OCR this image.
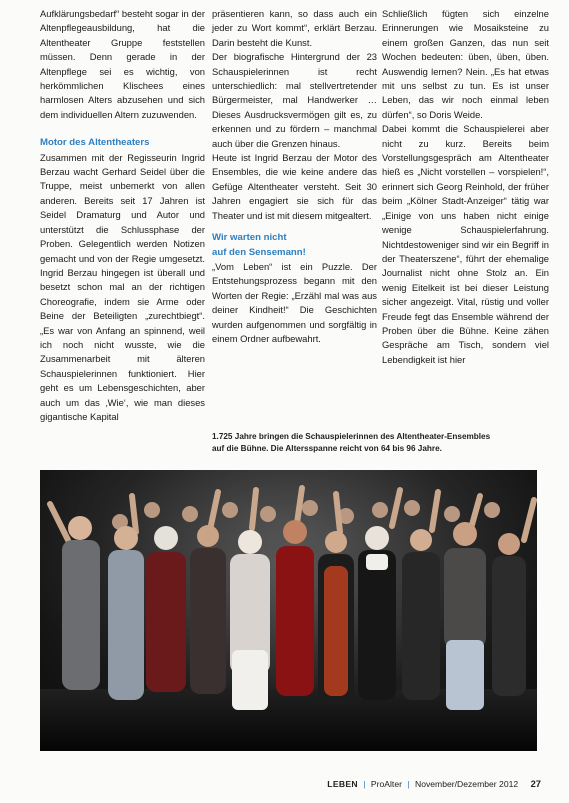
Aufklärungsbedarf“ besteht sogar in der Altenpflegeausbildung, hat die Altentheater Gruppe feststellen müssen. Denn gerade in der Altenpflege sei es wichtig, von herkömmlichen Klischees eines harmlosen Alters abzusehen und sich dem individuellen Altern zuzuwenden.

Motor des Altentheaters

Zusammen mit der Regisseurin Ingrid Berzau wacht Gerhard Seidel über die Truppe, meist unbemerkt von allen anderen. Bereits seit 17 Jahren ist Seidel Dramaturg und Autor und unterstützt die Schlussphase der Proben. Gelegentlich werden Notizen gemacht und von der Regie umgesetzt. Ingrid Berzau hingegen ist überall und besetzt schon mal an der richtigen Choreografie, indem sie Arme oder Beine der Beteiligten „zurechtbiegt“. „Es war von Anfang an spinnend, weil ich noch nicht wusste, wie die Zusammenarbeit mit älteren Schauspielerinnen funktioniert. Hier geht es um Lebensgeschichten, aber auch um das ‚Wie‘, wie man dieses gigantische Kapital

präsentieren kann, so dass auch ein jeder zu Wort kommt“, erklärt Berzau. Darin besteht die Kunst.

Der biografische Hintergrund der 23 Schauspielerinnen ist recht unterschiedlich: mal stellvertretender Bürgermeister, mal Handwerker … Dieses Ausdrucksvermögen gilt es, zu erkennen und zu fördern – manchmal auch über die Grenzen hinaus.

Heute ist Ingrid Berzau der Motor des Ensembles, die wie keine andere das Gefüge Altentheater versteht. Seit 30 Jahren engagiert sie sich für das Theater und ist mit diesem mitgealtert.

Wir warten nicht
auf den Sensemann!

„Vom Leben“ ist ein Puzzle. Der Entstehungsprozess begann mit den Worten der Regie: „Erzähl mal was aus deiner Kindheit!“ Die Geschichten wurden aufgenommen und sorgfältig in einem Ordner aufbewahrt.

Schließlich fügten sich einzelne Erinnerungen wie Mosaiksteine zu einem großen Ganzen, das nun seit Wochen bedeuten: üben, üben, üben. Auswendig lernen? Nein. „Es hat etwas mit uns selbst zu tun. Es ist unser Leben, das wir noch einmal leben dürfen“, so Doris Weide.

Dabei kommt die Schauspielerei aber nicht zu kurz. Bereits beim Vorstellungsgespräch am Altentheater hieß es „Nicht vorstellen – vorspielen!“, erinnert sich Georg Reinhold, der früher beim „Kölner Stadt-Anzeiger“ tätig war „Einige von uns haben nicht einige wenige Schauspielerfahrung. Nichtdestoweniger sind wir ein Begriff in der Theaterszene“, führt der ehemalige Journalist nicht ohne Stolz an. Ein wenig Eitelkeit ist bei dieser Leistung sicher angezeigt. Vital, rüstig und voller Freude fegt das Ensemble während der Proben über die Bühne. Keine zähen Gespräche am Tisch, sondern viel Lebendigkeit ist hier

1.725 Jahre bringen die Schauspielerinnen des Altentheater-Ensembles
auf die Bühne. Die Altersspanne reicht von 64 bis 96 Jahre.
LEBEN | ProAlter | November/Dezember 2012 27
